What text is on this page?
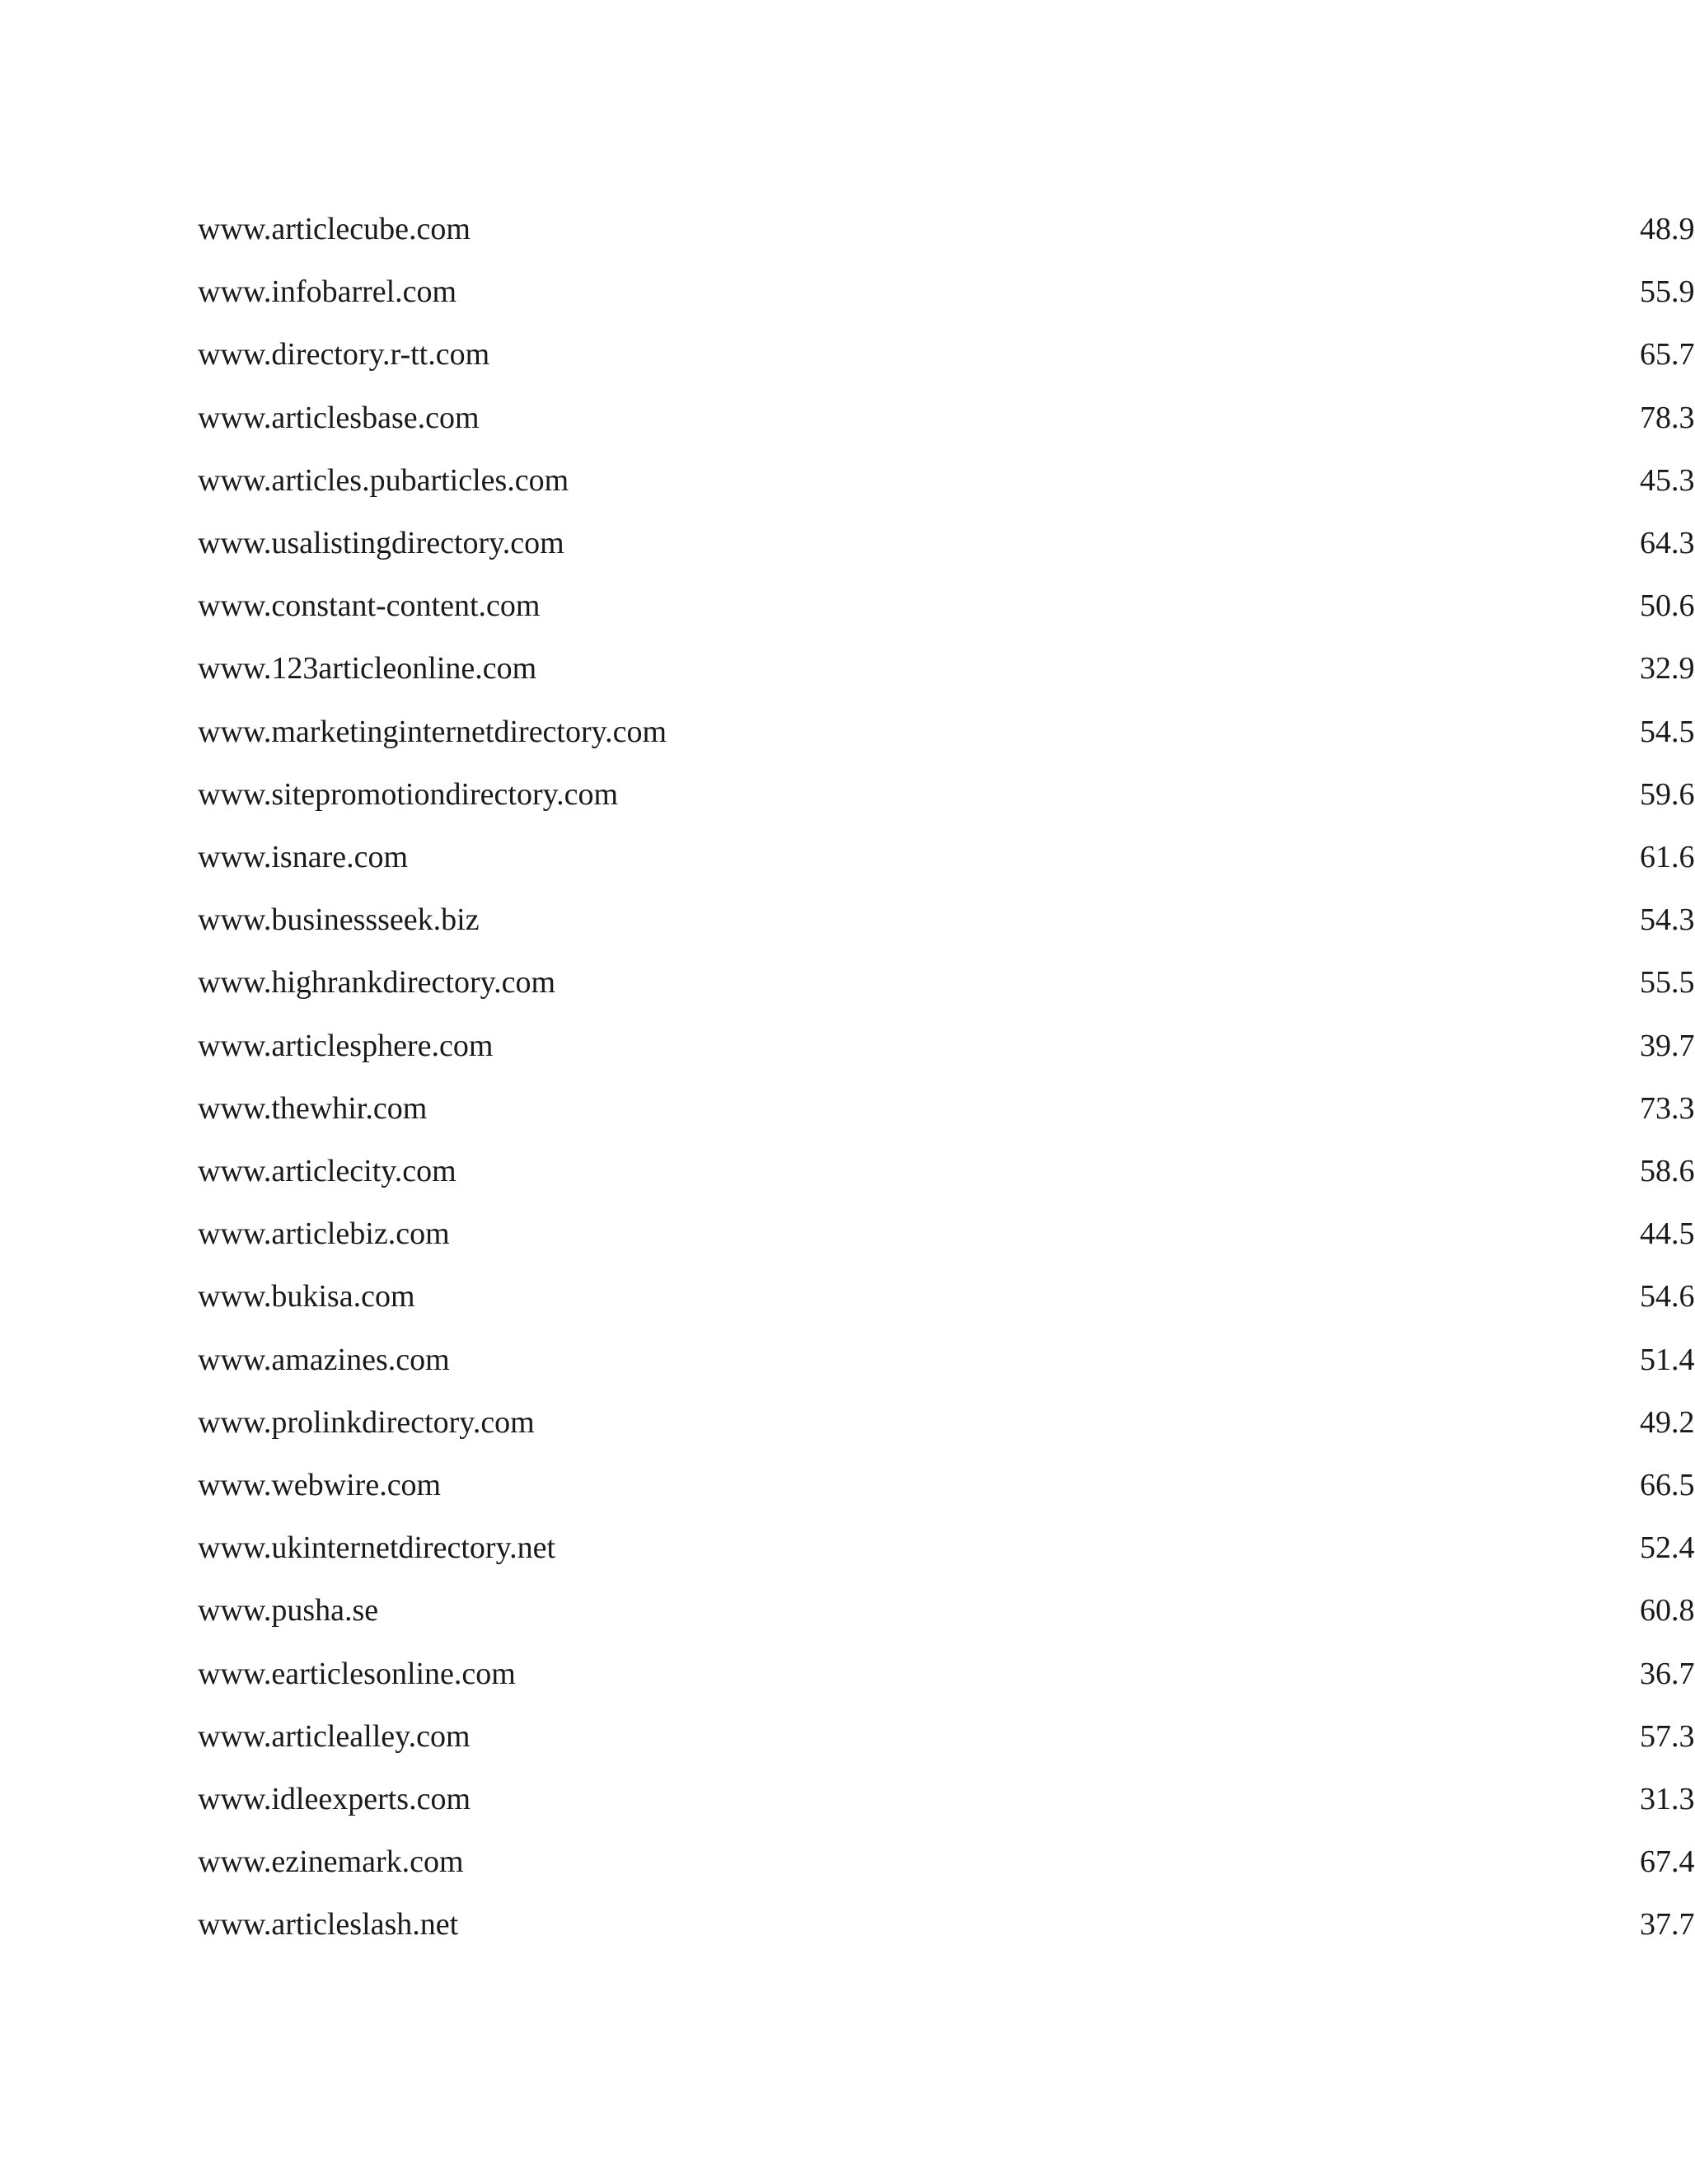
www.articlecube.com	48.9
www.infobarrel.com	55.9
www.directory.r-tt.com	65.7
www.articlesbase.com	78.3
www.articles.pubarticles.com	45.3
www.usalistingdirectory.com	64.3
www.constant-content.com	50.6
www.123articleonline.com	32.9
www.marketinginternetdirectory.com	54.5
www.sitepromotiondirectory.com	59.6
www.isnare.com	61.6
www.businessseek.biz	54.3
www.highrankdirectory.com	55.5
www.articlesphere.com	39.7
www.thewhir.com	73.3
www.articlecity.com	58.6
www.articlebiz.com	44.5
www.bukisa.com	54.6
www.amazines.com	51.4
www.prolinkdirectory.com	49.2
www.webwire.com	66.5
www.ukinternetdirectory.net	52.4
www.pusha.se	60.8
www.earticlesonline.com	36.7
www.articlealley.com	57.3
www.idleexperts.com	31.3
www.ezinemark.com	67.4
www.articleslash.net	37.7
